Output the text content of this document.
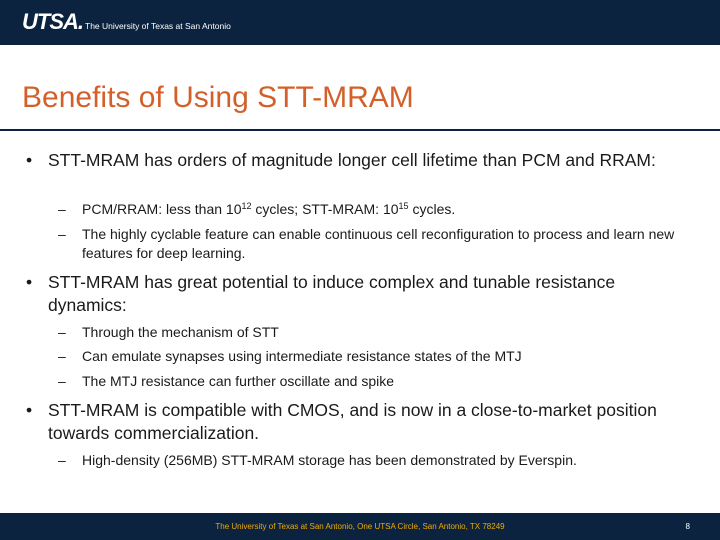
UTSA. The University of Texas at San Antonio
Benefits of Using STT-MRAM
• STT-MRAM has orders of magnitude longer cell lifetime than PCM and RRAM:
– PCM/RRAM: less than $10^{12}$ cycles; STT-MRAM: $10^{15}$ cycles.
– The highly cyclable feature can enable continuous cell reconfiguration to process and learn new features for deep learning.
• STT-MRAM has great potential to induce complex and tunable resistance dynamics:
– Through the mechanism of STT
– Can emulate synapses using intermediate resistance states of the MTJ
– The MTJ resistance can further oscillate and spike
• STT-MRAM is compatible with CMOS, and is now in a close-to-market position towards commercialization.
– High-density (256MB) STT-MRAM storage has been demonstrated by Everspin.
The University of Texas at San Antonio, One UTSA Circle, San Antonio, TX 78249	8
